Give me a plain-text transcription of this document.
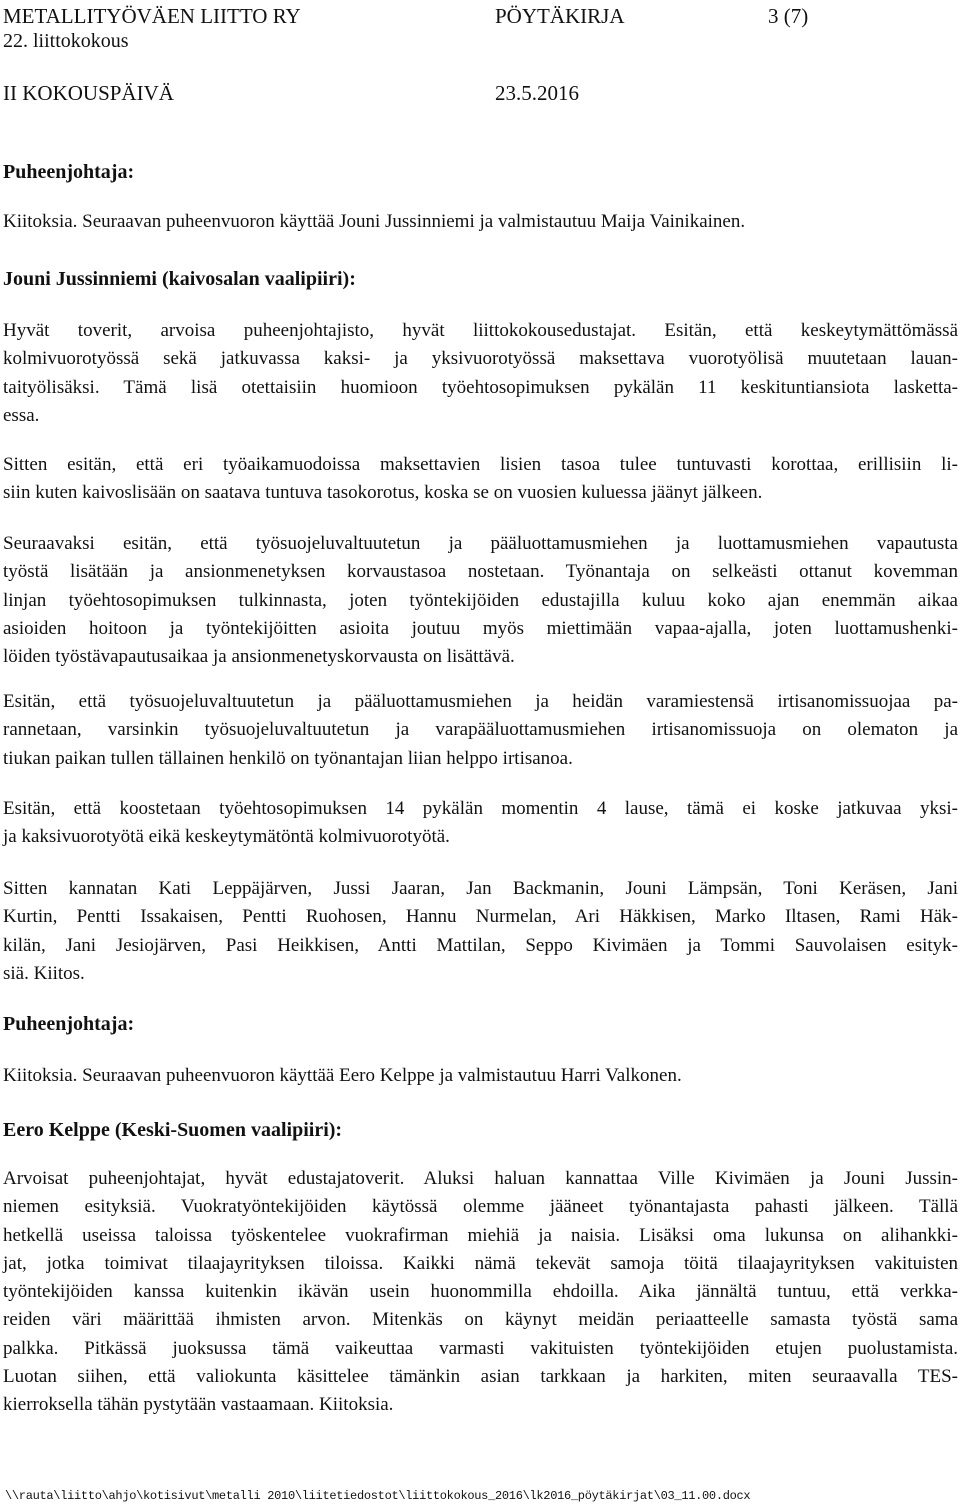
METALLITYÖVÄEN LIITTO RY	PÖYTÄKIRJA	3 (7)
22. liittokokous
II KOKOUSPÄIVÄ	23.5.2016
Puheenjohtaja:
Kiitoksia. Seuraavan puheenvuoron käyttää Jouni Jussinniemi ja valmistautuu Maija Vainikainen.
Jouni Jussinniemi (kaivosalan vaalipiiri):
Hyvät toverit, arvoisa puheenjohtajisto, hyvät liittokokousedustajat. Esitän, että keskeytymättömässä
kolmivuorotyössä sekä jatkuvassa kaksi- ja yksivuorotyössä maksettava vuorotyölisä muutetaan lauan-
taityölisäksi. Tämä lisä otettaisiin huomioon työehtosopimuksen pykälän 11 keskituntiansiota lasketta-
essa.
Sitten esitän, että eri työaikamuodoissa maksettavien lisien tasoa tulee tuntuvasti korottaa, erillisiin li-
siin kuten kaivoslisään on saatava tuntuva tasokorotus, koska se on vuosien kuluessa jäänyt jälkeen.
Seuraavaksi esitän, että työsuojeluvaltuutetun ja pääluottamusmiehen ja luottamusmiehen vapautusta
työstä lisätään ja ansionmenetyksen korvaustasoa nostetaan. Työnantaja on selkeästi ottanut kovemman
linjan työehtosopimuksen tulkinnasta, joten työntekijöiden edustajilla kuluu koko ajan enemmän aikaa
asioiden hoitoon ja työntekijöitten asioita joutuu myös miettimään vapaa-ajalla, joten luottamushenki-
löiden työstävapautusaikaa ja ansionmenetyskorvausta on lisättävä.
Esitän, että työsuojeluvaltuutetun ja pääluottamusmiehen ja heidän varamiestensä irtisanomissuojaa pa-
rannetaan, varsinkin työsuojeluvaltuutetun ja varapääluottamusmiehen irtisanomissuoja on olematon ja
tiukan paikan tullen tällainen henkilö on työnantajan liian helppo irtisanoa.
Esitän, että koostetaan työehtosopimuksen 14 pykälän momentin 4 lause, tämä ei koske jatkuvaa yksi-
ja kaksivuorotyötä eikä keskeytymätöntä kolmivuorotyötä.
Sitten kannatan Kati Leppäjärven, Jussi Jaaran, Jan Backmanin, Jouni Lämpsän, Toni Keräsen, Jani
Kurtin, Pentti Issakaisen, Pentti Ruohosen, Hannu Nurmelan, Ari Häkkisen, Marko Iltasen, Rami Häk-
kilän, Jani Jesiojärven, Pasi Heikkisen, Antti Mattilan, Seppo Kivimäen ja Tommi Sauvolaisen esityk-
siä. Kiitos.
Puheenjohtaja:
Kiitoksia. Seuraavan puheenvuoron käyttää Eero Kelppe ja valmistautuu Harri Valkonen.
Eero Kelppe (Keski-Suomen vaalipiiri):
Arvoisat puheenjohtajat, hyvät edustajatoverit. Aluksi haluan kannattaa Ville Kivimäen ja Jouni Jussin-
niemen esityksiä. Vuokratyöntekijöiden käytössä olemme jääneet työnantajasta pahasti jälkeen. Tällä
hetkellä useissa taloissa työskentelee vuokrafirman miehiä ja naisia. Lisäksi oma lukunsa on alihankki-
jat, jotka toimivat tilaajayrityksen tiloissa. Kaikki nämä tekevät samoja töitä tilaajayrityksen vakituisten
työntekijöiden kanssa kuitenkin ikävän usein huonommilla ehdoilla. Aika jännältä tuntuu, että verkka-
reiden väri määrittää ihmisten arvon. Mitenkäs on käynyt meidän periaatteelle samasta työstä sama
palkka. Pitkässä juoksussa tämä vaikeuttaa varmasti vakituisten työntekijöiden etujen puolustamista.
Luotan siihen, että valiokunta käsittelee tämänkin asian tarkkaan ja harkiten, miten seuraavalla TES-
kierroksella tähän pystytään vastaamaan. Kiitoksia.
\\rauta\liitto\ahjo\kotisivut\metalli 2010\liitetiedostot\liittokokous_2016\lk2016_pöytäkirjat\03_11.00.docx
